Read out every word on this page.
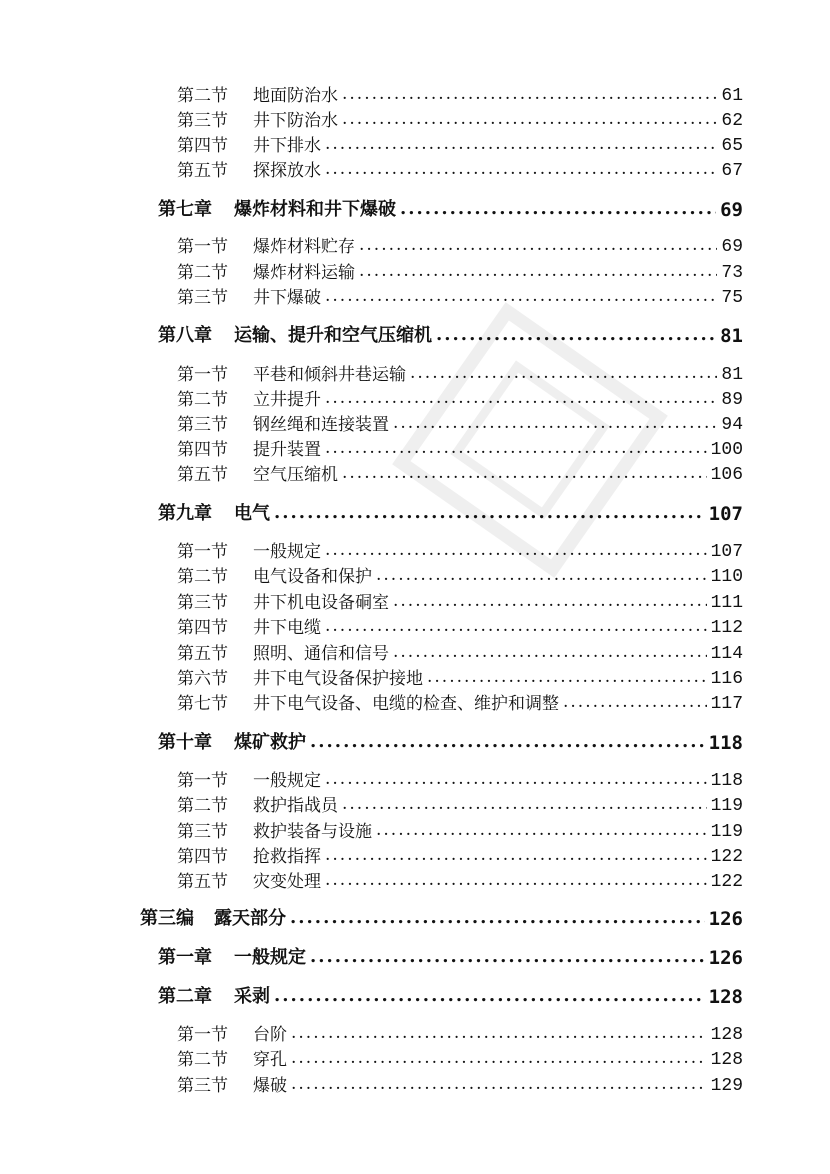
第二节	地面防治水 .....	61
第三节	井下防治水 .....	62
第四节	井下排水 .....	65
第五节	探探放水 .....	67
第七章	爆炸材料和井下爆破 .....	69
第一节	爆炸材料贮存 .....	69
第二节	爆炸材料运输 .....	73
第三节	井下爆破 .....	75
第八章	运输、提升和空气压缩机 .....	81
第一节	平巷和倾斜井巷运输 .....	81
第二节	立井提升 .....	89
第三节	钢丝绳和连接装置 .....	94
第四节	提升装置 .....	100
第五节	空气压缩机 .....	106
第九章	电气 .....	107
第一节	一般规定 .....	107
第二节	电气设备和保护 .....	110
第三节	井下机电设备硐室 .....	111
第四节	井下电缆 .....	112
第五节	照明、通信和信号 .....	114
第六节	井下电气设备保护接地 .....	116
第七节	井下电气设备、电缆的检查、维护和调整 .....	117
第十章	煤矿救护 .....	118
第一节	一般规定 .....	118
第二节	救护指战员 .....	119
第三节	救护装备与设施 .....	119
第四节	抢救指挥 .....	122
第五节	灾变处理 .....	122
第三编	露天部分 .....	126
第一章	一般规定 .....	126
第二章	采剥 .....	128
第一节	台阶 .....	128
第二节	穿孔 .....	128
第三节	爆破 .....	129
